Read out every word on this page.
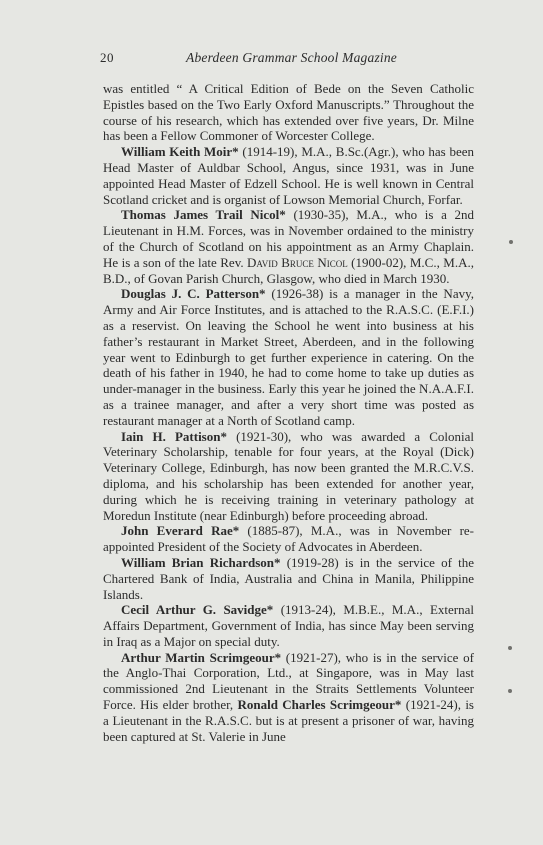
20	Aberdeen Grammar School Magazine

was entitled “ A Critical Edition of Bede on the Seven Catholic Epistles based on the Two Early Oxford Manuscripts.” Throughout the course of his research, which has extended over five years, Dr. Milne has been a Fellow Commoner of Worcester College.

William Keith Moir* (1914-19), M.A., B.Sc.(Agr.), who has been Head Master of Auldbar School, Angus, since 1931, was in June appointed Head Master of Edzell School. He is well known in Central Scotland cricket and is organist of Lowson Memorial Church, Forfar.

Thomas James Trail Nicol* (1930-35), M.A., who is a 2nd Lieutenant in H.M. Forces, was in November ordained to the ministry of the Church of Scotland on his appointment as an Army Chaplain. He is a son of the late Rev. David Bruce Nicol (1900-02), M.C., M.A., B.D., of Govan Parish Church, Glasgow, who died in March 1930.

Douglas J. C. Patterson* (1926-38) is a manager in the Navy, Army and Air Force Institutes, and is attached to the R.A.S.C. (E.F.I.) as a reservist. On leaving the School he went into business at his father’s restaurant in Market Street, Aberdeen, and in the following year went to Edinburgh to get further experience in catering. On the death of his father in 1940, he had to come home to take up duties as under-manager in the business. Early this year he joined the N.A.A.F.I. as a trainee manager, and after a very short time was posted as restaurant manager at a North of Scotland camp.

Iain H. Pattison* (1921-30), who was awarded a Colonial Veterinary Scholarship, tenable for four years, at the Royal (Dick) Veterinary College, Edinburgh, has now been granted the M.R.C.V.S. diploma, and his scholarship has been extended for another year, during which he is receiving training in veterinary pathology at Moredun Institute (near Edinburgh) before proceeding abroad.

John Everard Rae* (1885-87), M.A., was in November re-appointed President of the Society of Advocates in Aberdeen.

William Brian Richardson* (1919-28) is in the service of the Chartered Bank of India, Australia and China in Manila, Philippine Islands.

Cecil Arthur G. Savidge* (1913-24), M.B.E., M.A., External Affairs Department, Government of India, has since May been serving in Iraq as a Major on special duty.

Arthur Martin Scrimgeour* (1921-27), who is in the service of the Anglo-Thai Corporation, Ltd., at Singapore, was in May last commissioned 2nd Lieutenant in the Straits Settlements Volunteer Force. His elder brother, Ronald Charles Scrimgeour* (1921-24), is a Lieutenant in the R.A.S.C. but is at present a prisoner of war, having been captured at St. Valerie in June
